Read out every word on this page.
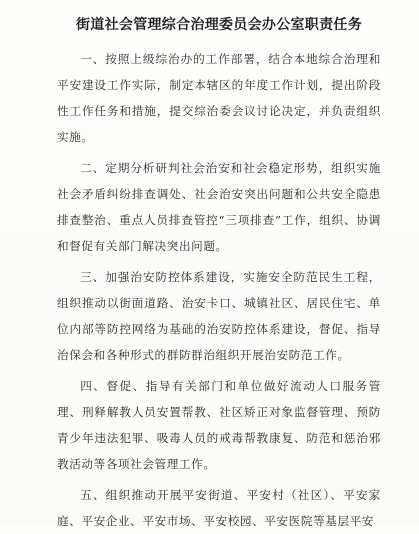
街道社会管理综合治理委员会办公室职责任务

一、按照上级综治办的工作部署，结合本地综合治理和平安建设工作实际，制定本辖区的年度工作计划，提出阶段性工作任务和措施，提交综治委会议讨论决定，并负责组织实施。

二、定期分析研判社会治安和社会稳定形势，组织实施社会矛盾纠纷排查调处、社会治安突出问题和公共安全隐患排查整治、重点人员排查管控“三项排查”工作，组织、协调和督促有关部门解决突出问题。

三、加强治安防控体系建设，实施安全防范民生工程，组织推动以街面道路、治安卡口、城镇社区、居民住宅、单位内部等防控网络为基础的治安防控体系建设，督促、指导治保会和各种形式的群防群治组织开展治安防范工作。

四、督促、指导有关部门和单位做好流动人口服务管理、刑释解教人员安置帮教、社区矫正对象监督管理、预防青少年违法犯罪、吸毒人员的戒毒帮教康复、防范和惩治邪教活动等各项社会管理工作。

五、组织推动开展平安街道、平安村（社区）、平安家庭、平安企业、平安市场、平安校园、平安医院等基层平安
